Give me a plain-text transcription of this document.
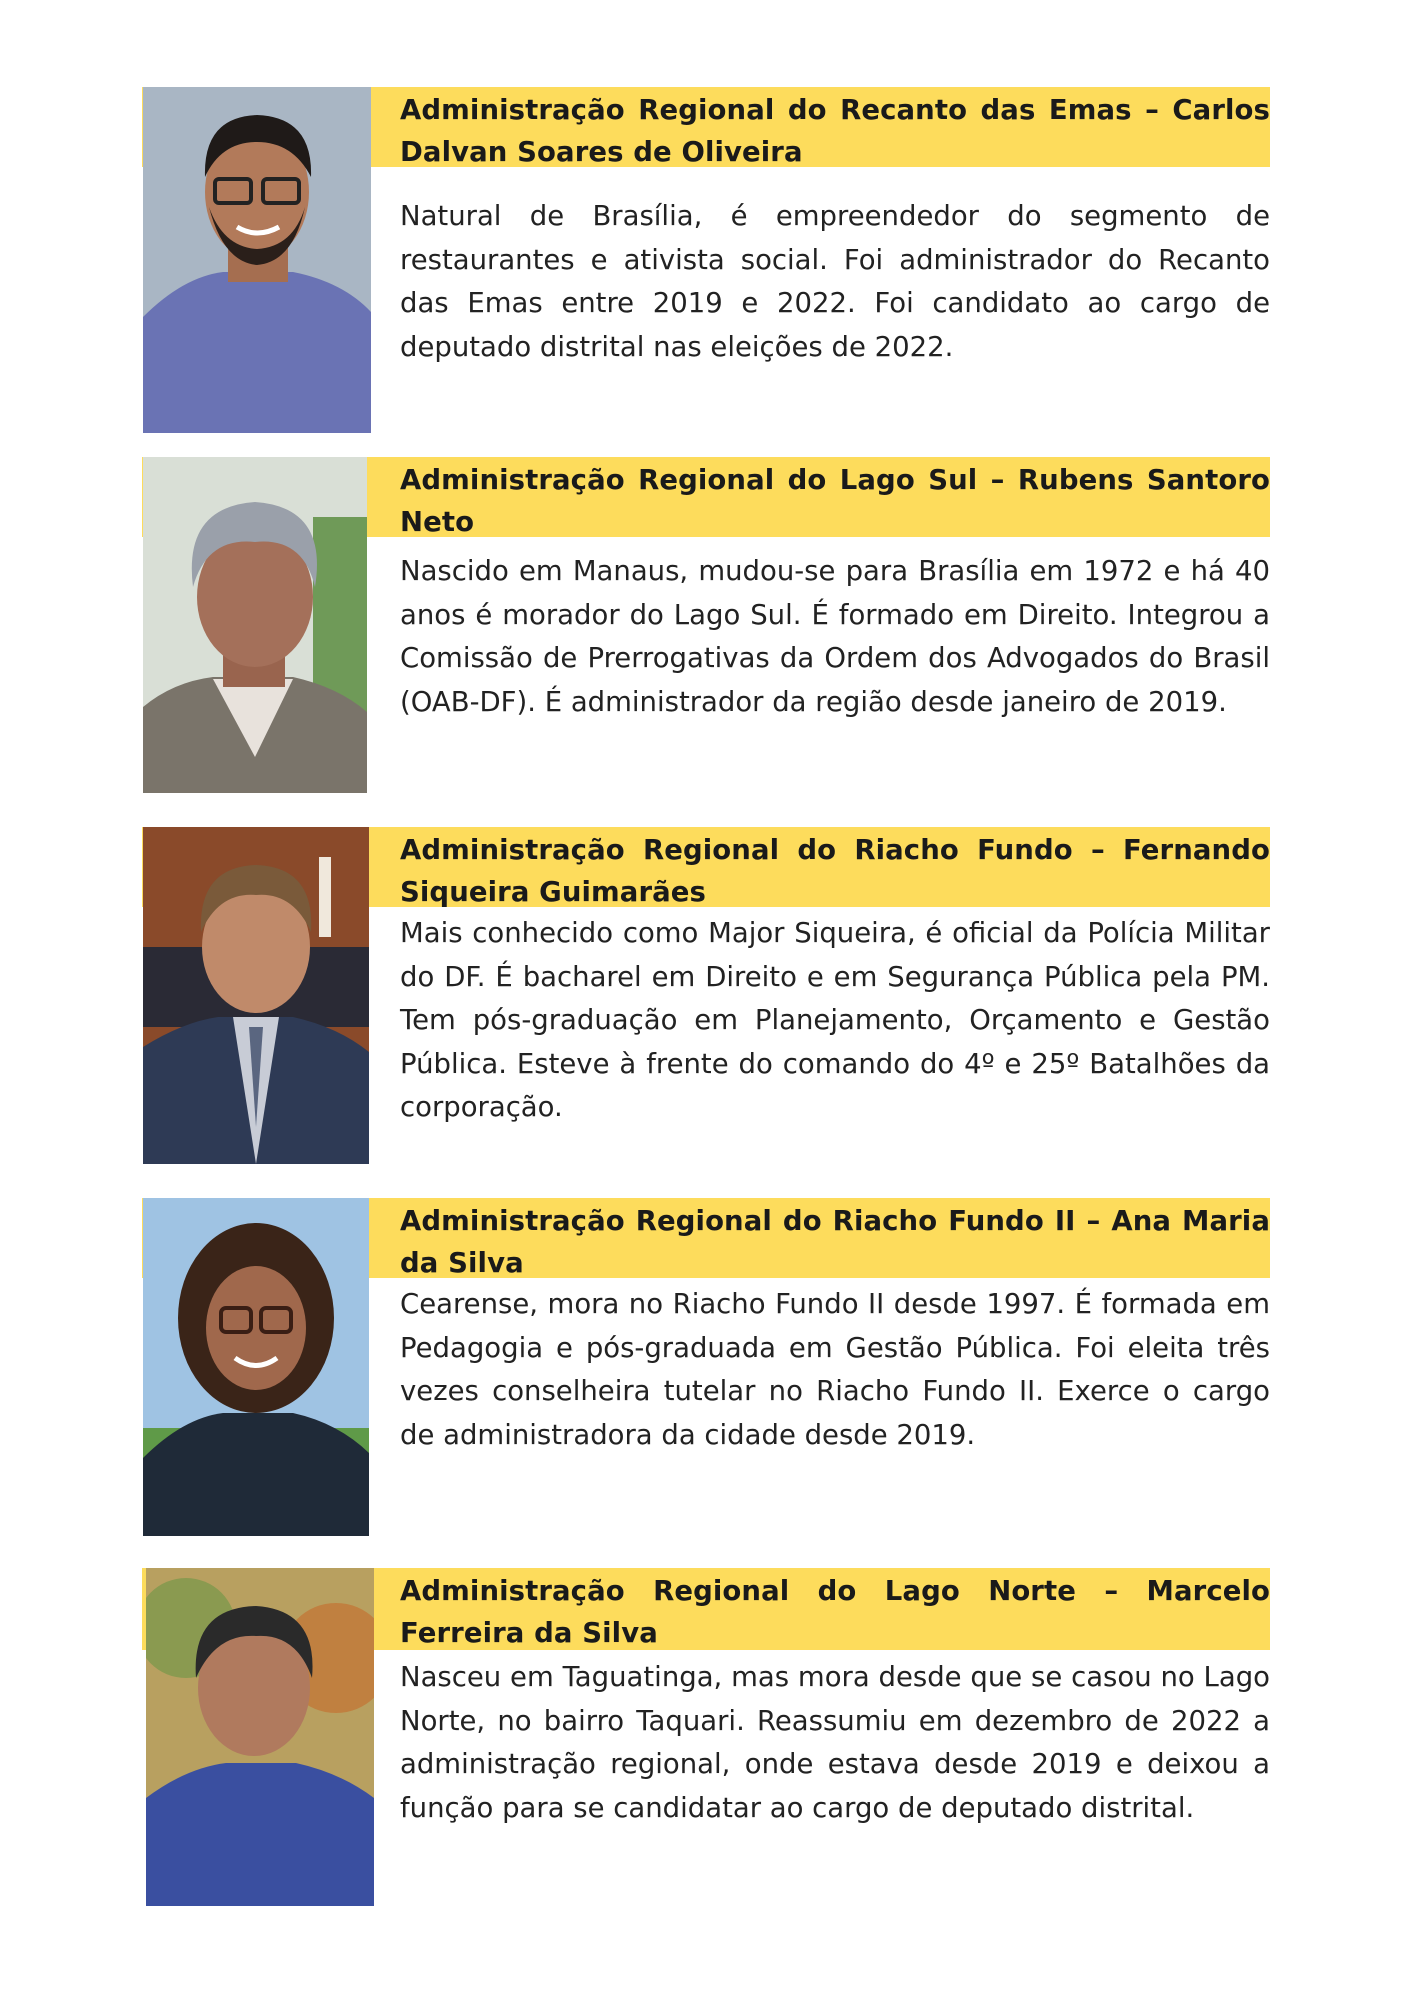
Administração Regional do Recanto das Emas – Carlos Dalvan Soares de Oliveira
Natural de Brasília, é empreendedor do segmento de restaurantes e ativista social. Foi administrador do Recanto das Emas entre 2019 e 2022. Foi candidato ao cargo de deputado distrital nas eleições de 2022.
Administração Regional do Lago Sul – Rubens Santoro Neto
Nascido em Manaus, mudou-se para Brasília em 1972 e há 40 anos é morador do Lago Sul. É formado em Direito. Integrou a Comissão de Prerrogativas da Ordem dos Advogados do Brasil (OAB-DF). É administrador da região desde janeiro de 2019.
Administração Regional do Riacho Fundo – Fernando Siqueira Guimarães
Mais conhecido como Major Siqueira, é oficial da Polícia Militar do DF. É bacharel em Direito e em Segurança Pública pela PM. Tem pós-graduação em Planejamento, Orçamento e Gestão Pública. Esteve à frente do comando do 4º e 25º Batalhões da corporação.
Administração Regional do Riacho Fundo II – Ana Maria da Silva
Cearense, mora no Riacho Fundo II desde 1997. É formada em Pedagogia e pós-graduada em Gestão Pública. Foi eleita três vezes conselheira tutelar no Riacho Fundo II. Exerce o cargo de administradora da cidade desde 2019.
Administração Regional do Lago Norte – Marcelo Ferreira da Silva
Nasceu em Taguatinga, mas mora desde que se casou no Lago Norte, no bairro Taquari. Reassumiu em dezembro de 2022 a administração regional, onde estava desde 2019 e deixou a função para se candidatar ao cargo de deputado distrital.
